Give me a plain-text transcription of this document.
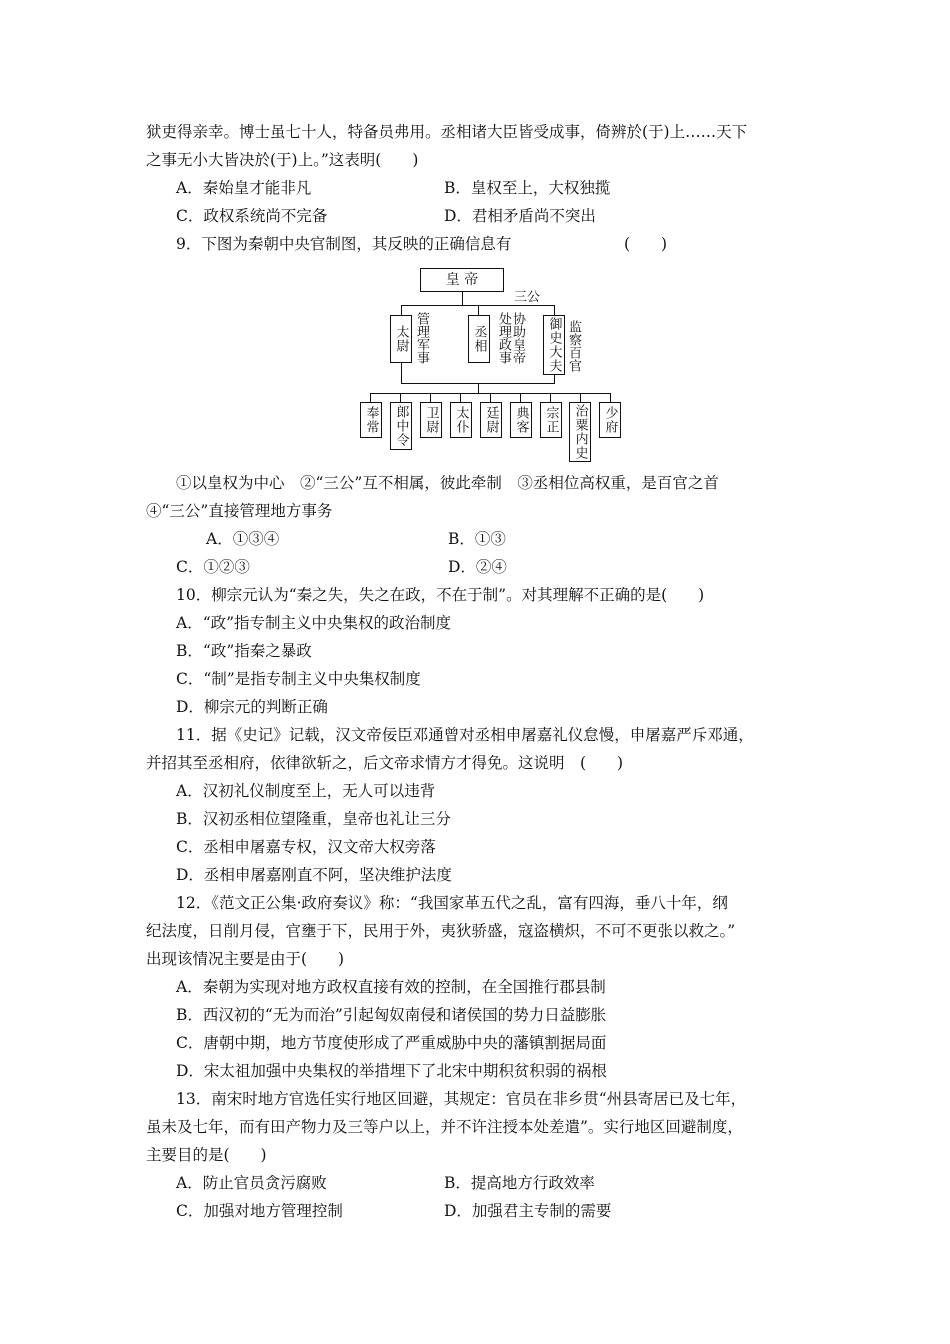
狱吏得亲幸。博士虽七十人，特备员弗用。丞相诸大臣皆受成事，倚辨於(于)上……天下
之事无小大皆决於(于)上。”这表明(　　)
A．秦始皇才能非凡	B．皇权至上，大权独揽
C．政权系统尚不完备	D．君相矛盾尚不突出
9．下图为秦朝中央官制图，其反映的正确信息有	(　　)
皇 帝
三公
太尉 管理军事	丞相	协助皇帝处理政事	御史大夫 监察百官
奉常 郎中令 卫尉 太仆 廷尉 典客 宗正 治粟内史 少府
①以皇权为中心　②“三公”互不相属，彼此牵制　③丞相位高权重，是百官之首
④“三公”直接管理地方事务
A．①③④	B．①③
C．①②③	D．②④
10．柳宗元认为“秦之失，失之在政，不在于制”。对其理解不正确的是(　　)
A．“政”指专制主义中央集权的政治制度
B．“政”指秦之暴政
C．“制”是指专制主义中央集权制度
D．柳宗元的判断正确
11．据《史记》记载，汉文帝佞臣邓通曾对丞相申屠嘉礼仪怠慢，申屠嘉严斥邓通，
并招其至丞相府，依律欲斩之，后文帝求情方才得免。这说明　(　　)
A．汉初礼仪制度至上，无人可以违背
B．汉初丞相位望隆重，皇帝也礼让三分
C．丞相申屠嘉专权，汉文帝大权旁落
D．丞相申屠嘉刚直不阿，坚决维护法度
12．《范文正公集·政府奏议》称：“我国家革五代之乱，富有四海，垂八十年，纲
纪法度，日削月侵，官壅于下，民用于外，夷狄骄盛，寇盗横炽，不可不更张以救之。”
出现该情况主要是由于(　　)
A．秦朝为实现对地方政权直接有效的控制，在全国推行郡县制
B．西汉初的“无为而治”引起匈奴南侵和诸侯国的势力日益膨胀
C．唐朝中期，地方节度使形成了严重威胁中央的藩镇割据局面
D．宋太祖加强中央集权的举措埋下了北宋中期积贫积弱的祸根
13．南宋时地方官选任实行地区回避，其规定：官员在非乡贯“州县寄居已及七年，
虽未及七年，而有田产物力及三等户以上，并不许注授本处差遣”。实行地区回避制度，
主要目的是(　　)
A．防止官员贪污腐败	B．提高地方行政效率
C．加强对地方管理控制	D．加强君主专制的需要
